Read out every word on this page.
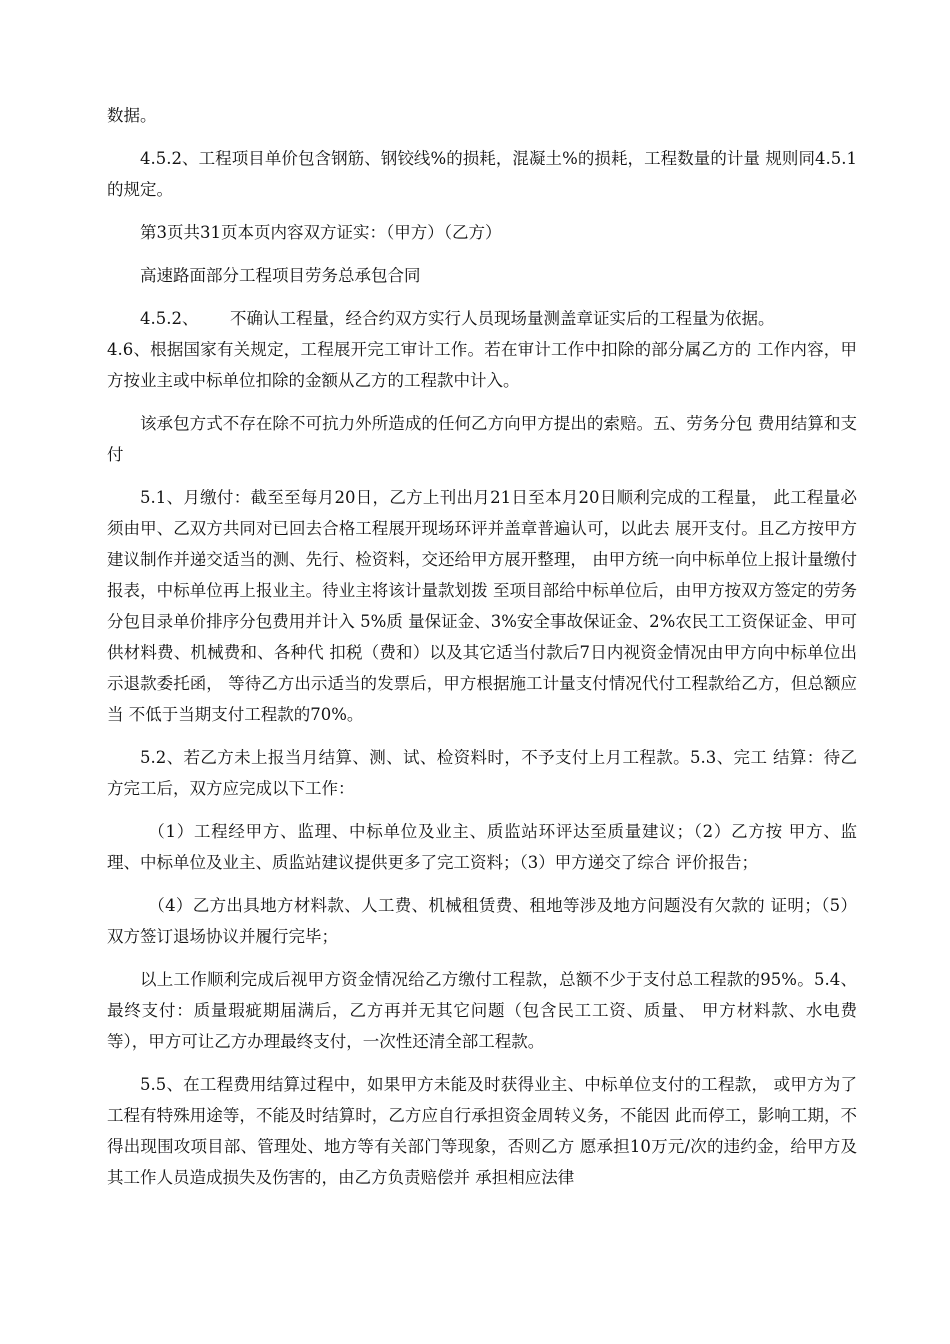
数据。

4.5.2、工程项目单价包含钢筋、钢铰线%的损耗，混凝土%的损耗，工程数量的计量 规则同4.5.1的规定。

第3页共31页本页内容双方证实：（甲方）（乙方）

高速路面部分工程项目劳务总承包合同

4.5.2、      不确认工程量，经合约双方实行人员现场量测盖章证实后的工程量为依据。

4.6、根据国家有关规定，工程展开完工审计工作。若在审计工作中扣除的部分属乙方的 工作内容，甲方按业主或中标单位扣除的金额从乙方的工程款中计入。

该承包方式不存在除不可抗力外所造成的任何乙方向甲方提出的索赔。五、劳务分包 费用结算和支付

5.1、月缴付：截至至每月20日，乙方上刊出月21日至本月20日顺利完成的工程量， 此工程量必须由甲、乙双方共同对已回去合格工程展开现场环评并盖章普遍认可，以此去 展开支付。且乙方按甲方建议制作并递交适当的测、先行、检资料，交还给甲方展开整理， 由甲方统一向中标单位上报计量缴付报表，中标单位再上报业主。待业主将该计量款划拨 至项目部给中标单位后，由甲方按双方签定的劳务分包目录单价排序分包费用并计入 5%质 量保证金、3%安全事故保证金、2%农民工工资保证金、甲可供材料费、机械费和、各种代 扣税（费和）以及其它适当付款后7日内视资金情况由甲方向中标单位出示退款委托函， 等待乙方出示适当的发票后，甲方根据施工计量支付情况代付工程款给乙方，但总额应当 不低于当期支付工程款的70%。

5.2、若乙方未上报当月结算、测、试、检资料时，不予支付上月工程款。5.3、完工 结算：待乙方完工后，双方应完成以下工作：

（1）工程经甲方、监理、中标单位及业主、质监站环评达至质量建议；（2）乙方按 甲方、监理、中标单位及业主、质监站建议提供更多了完工资料；（3）甲方递交了综合 评价报告；

（4）乙方出具地方材料款、人工费、机械租赁费、租地等涉及地方问题没有欠款的 证明；（5）双方签订退场协议并履行完毕；

以上工作顺利完成后视甲方资金情况给乙方缴付工程款，总额不少于支付总工程款的95%。5.4、最终支付：质量瑕疵期届满后，乙方再并无其它问题（包含民工工资、质量、 甲方材料款、水电费等），甲方可让乙方办理最终支付，一次性还清全部工程款。

5.5、在工程费用结算过程中，如果甲方未能及时获得业主、中标单位支付的工程款， 或甲方为了工程有特殊用途等，不能及时结算时，乙方应自行承担资金周转义务，不能因 此而停工，影响工期，不得出现围攻项目部、管理处、地方等有关部门等现象，否则乙方 愿承担10万元/次的违约金，给甲方及其工作人员造成损失及伤害的，由乙方负责赔偿并 承担相应法律
